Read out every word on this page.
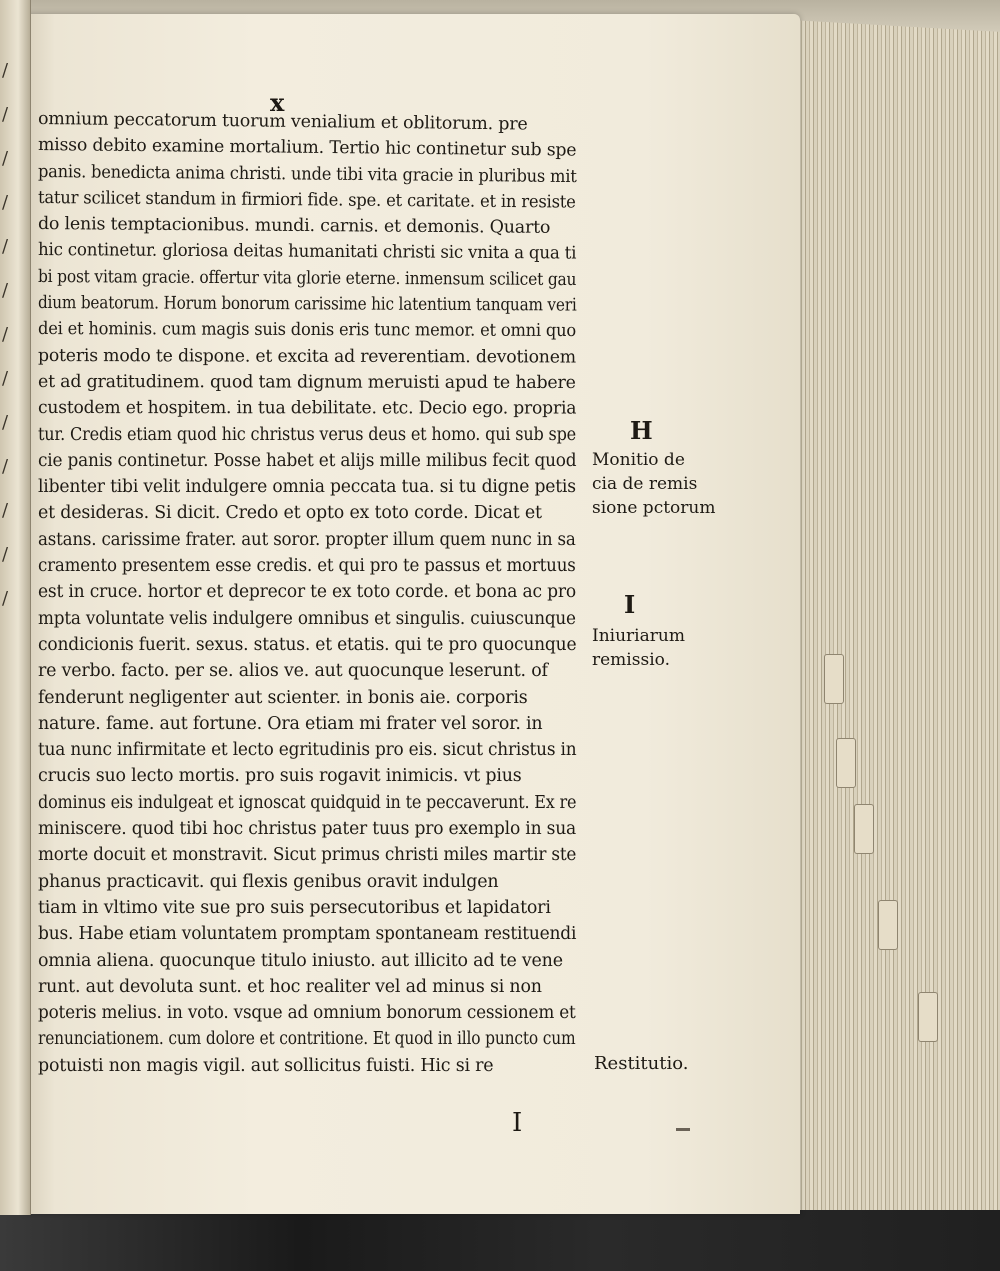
/
/
/
/
/
/
/
/
/
/
/
/
/
x
omnium peccatorum tuorum venialium et oblitorum. pre
misso debito examine mortalium. Tertio hic continetur sub spe
panis. benedicta anima christi. unde tibi vita gracie in pluribus mit
tatur scilicet standum in firmiori fide. spe. et caritate. et in resiste
do lenis temptacionibus. mundi. carnis. et demonis. Quarto
hic continetur. gloriosa deitas humanitati christi sic vnita a qua ti
bi post vitam gracie. offertur vita glorie eterne. inmensum scilicet gau
dium beatorum. Horum bonorum carissime hic latentium tanquam veri
dei et hominis. cum magis suis donis eris tunc memor. et omni quo
poteris modo te dispone. et excita ad reverentiam. devotionem
et ad gratitudinem. quod tam dignum meruisti apud te habere
custodem et hospitem. in tua debilitate. etc. Decio ego. propria
tur. Credis etiam quod hic christus verus deus et homo. qui sub spe
cie panis continetur. Posse habet et alijs mille milibus fecit quod
libenter tibi velit indulgere omnia peccata tua. si tu digne petis
et desideras. Si dicit. Credo et opto ex toto corde. Dicat et
astans. carissime frater. aut soror. propter illum quem nunc in sa
cramento presentem esse credis. et qui pro te passus et mortuus
est in cruce. hortor et deprecor te ex toto corde. et bona ac pro
mpta voluntate velis indulgere omnibus et singulis. cuiuscunque
condicionis fuerit. sexus. status. et etatis. qui te pro quocunque
re verbo. facto. per se. alios ve. aut quocunque leserunt. of
fenderunt negligenter aut scienter. in bonis aie. corporis
nature. fame. aut fortune. Ora etiam mi frater vel soror. in
tua nunc infirmitate et lecto egritudinis pro eis. sicut christus in
crucis suo lecto mortis. pro suis rogavit inimicis. vt pius
dominus eis indulgeat et ignoscat quidquid in te peccaverunt. Ex re
miniscere. quod tibi hoc christus pater tuus pro exemplo in sua
morte docuit et monstravit. Sicut primus christi miles martir ste
phanus practicavit. qui flexis genibus oravit indulgen
tiam in vltimo vite sue pro suis persecutoribus et lapidatori
bus. Habe etiam voluntatem promptam spontaneam restituendi
omnia aliena. quocunque titulo iniusto. aut illicito ad te vene
runt. aut devoluta sunt. et hoc realiter vel ad minus si non
poteris melius. in voto. vsque ad omnium bonorum cessionem et
renunciationem. cum dolore et contritione. Et quod in illo puncto cum
potuisti non magis vigil. aut sollicitus fuisti. Hic si re
H
Monitio de
cia de remis
sione pctorum
I
Iniuriarum
remissio.
Restitutio.
I
